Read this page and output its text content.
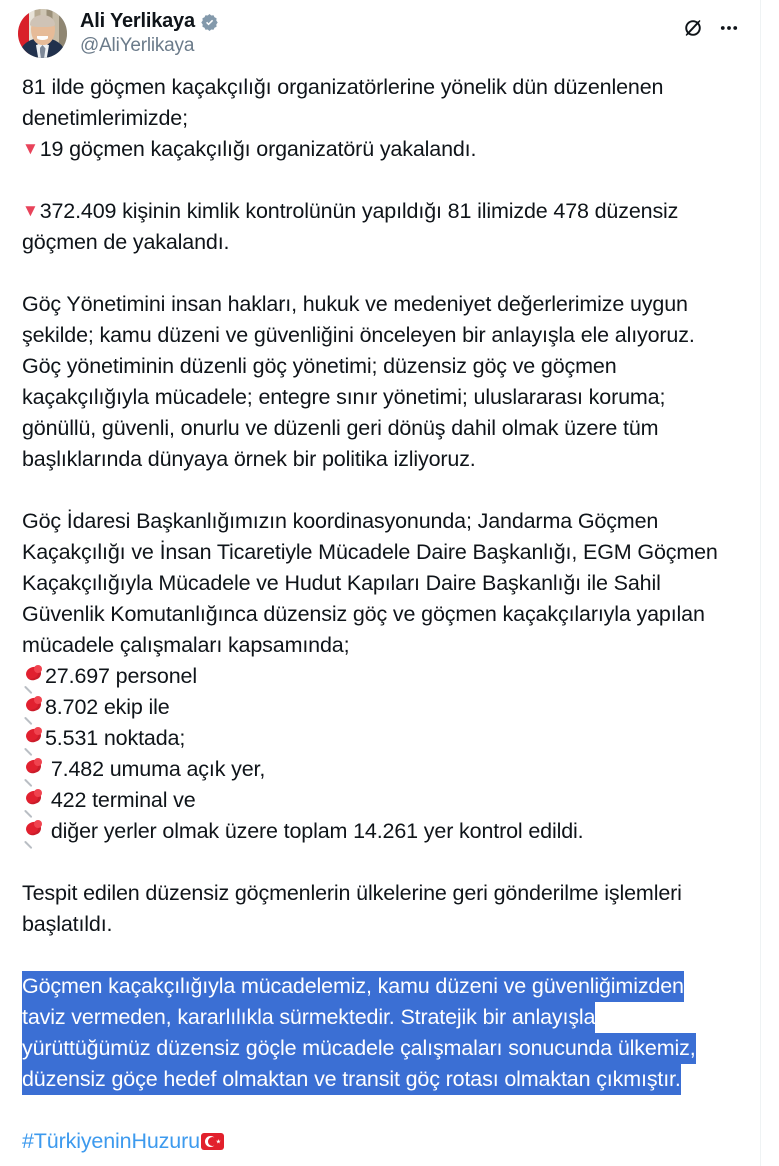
Ali Yerlikaya
@AliYerlikaya

81 ilde göçmen kaçakçılığı organizatörlerine yönelik dün düzenlenen

denetimlerimizde;

▼19 göçmen kaçakçılığı organizatörü yakalandı.

▼372.409 kişinin kimlik kontrolünün yapıldığı 81 ilimizde 478 düzensiz

göçmen de yakalandı.

Göç Yönetimini insan hakları, hukuk ve medeniyet değerlerimize uygun

şekilde; kamu düzeni ve güvenliğini önceleyen bir anlayışla ele alıyoruz.

Göç yönetiminin düzenli göç yönetimi; düzensiz göç ve göçmen

kaçakçılığıyla mücadele; entegre sınır yönetimi; uluslararası koruma;

gönüllü, güvenli, onurlu ve düzenli geri dönüş dahil olmak üzere tüm

başlıklarında dünyaya örnek bir politika izliyoruz.

Göç İdaresi Başkanlığımızın koordinasyonunda; Jandarma Göçmen

Kaçakçılığı ve İnsan Ticaretiyle Mücadele Daire Başkanlığı, EGM Göçmen

Kaçakçılığıyla Mücadele ve Hudut Kapıları Daire Başkanlığı ile Sahil

Güvenlik Komutanlığınca düzensiz göç ve göçmen kaçakçılarıyla yapılan

mücadele çalışmaları kapsamında;

27.697 personel
8.702 ekip ile
5.531 noktada;
7.482 umuma açık yer,
422 terminal ve
diğer yerler olmak üzere toplam 14.261 yer kontrol edildi.

Tespit edilen düzensiz göçmenlerin ülkelerine geri gönderilme işlemleri

başlatıldı.

Göçmen kaçakçılığıyla mücadelemiz, kamu düzeni ve güvenliğimizden
taviz vermeden, kararlılıkla sürmektedir. Stratejik bir anlayışla
yürüttüğümüz düzensiz göçle mücadele çalışmaları sonucunda ülkemiz,
düzensiz göçe hedef olmaktan ve transit göç rotası olmaktan çıkmıştır.
#TürkiyeninHuzuru
